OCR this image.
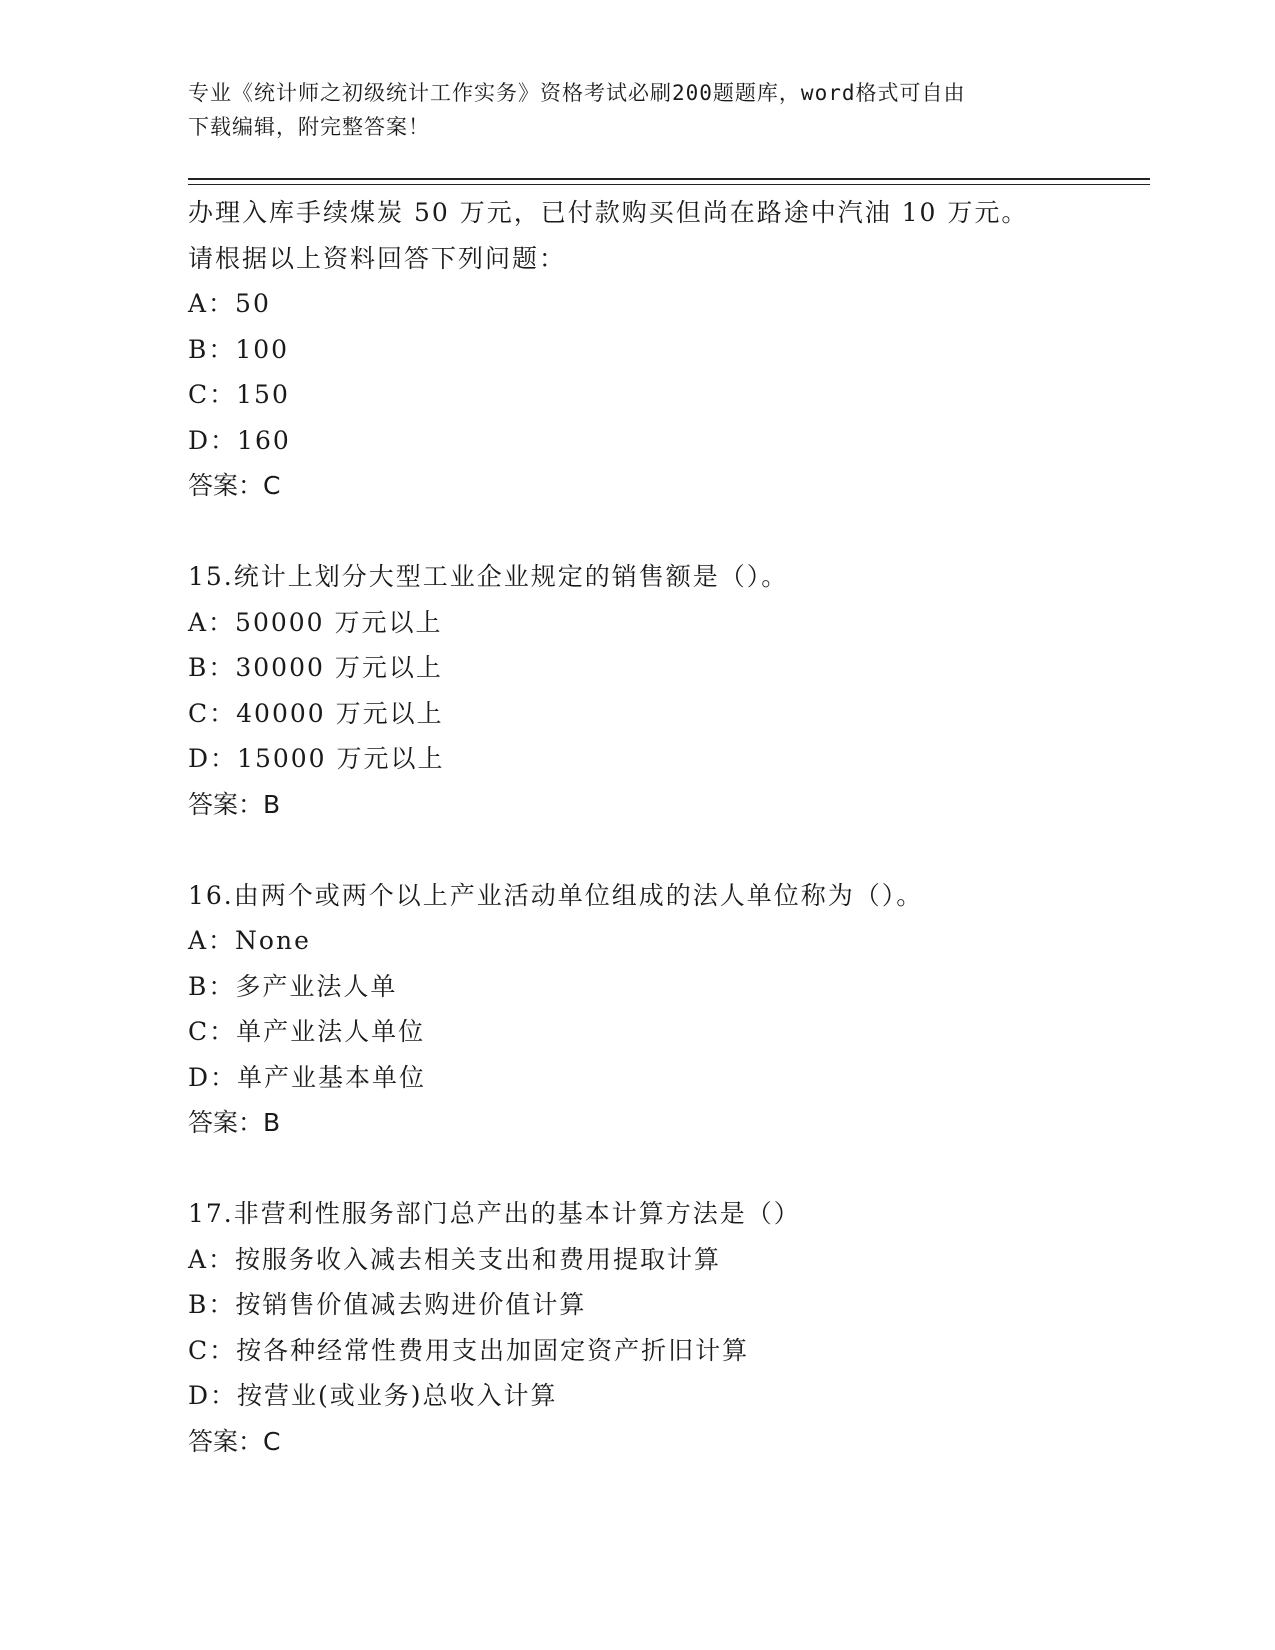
专业《统计师之初级统计工作实务》资格考试必刷200题题库，word格式可自由
下载编辑，附完整答案！
办理入库手续煤炭 50 万元，已付款购买但尚在路途中汽油 10 万元。
请根据以上资料回答下列问题：
A：50
B：100
C：150
D：160
答案：C
15.统计上划分大型工业企业规定的销售额是（）。
A：50000 万元以上
B：30000 万元以上
C：40000 万元以上
D：15000 万元以上
答案：B
16.由两个或两个以上产业活动单位组成的法人单位称为（）。
A：None
B：多产业法人单
C：单产业法人单位
D：单产业基本单位
答案：B
17.非营利性服务部门总产出的基本计算方法是（）
A：按服务收入减去相关支出和费用提取计算
B：按销售价值减去购进价值计算
C：按各种经常性费用支出加固定资产折旧计算
D：按营业(或业务)总收入计算
答案：C
